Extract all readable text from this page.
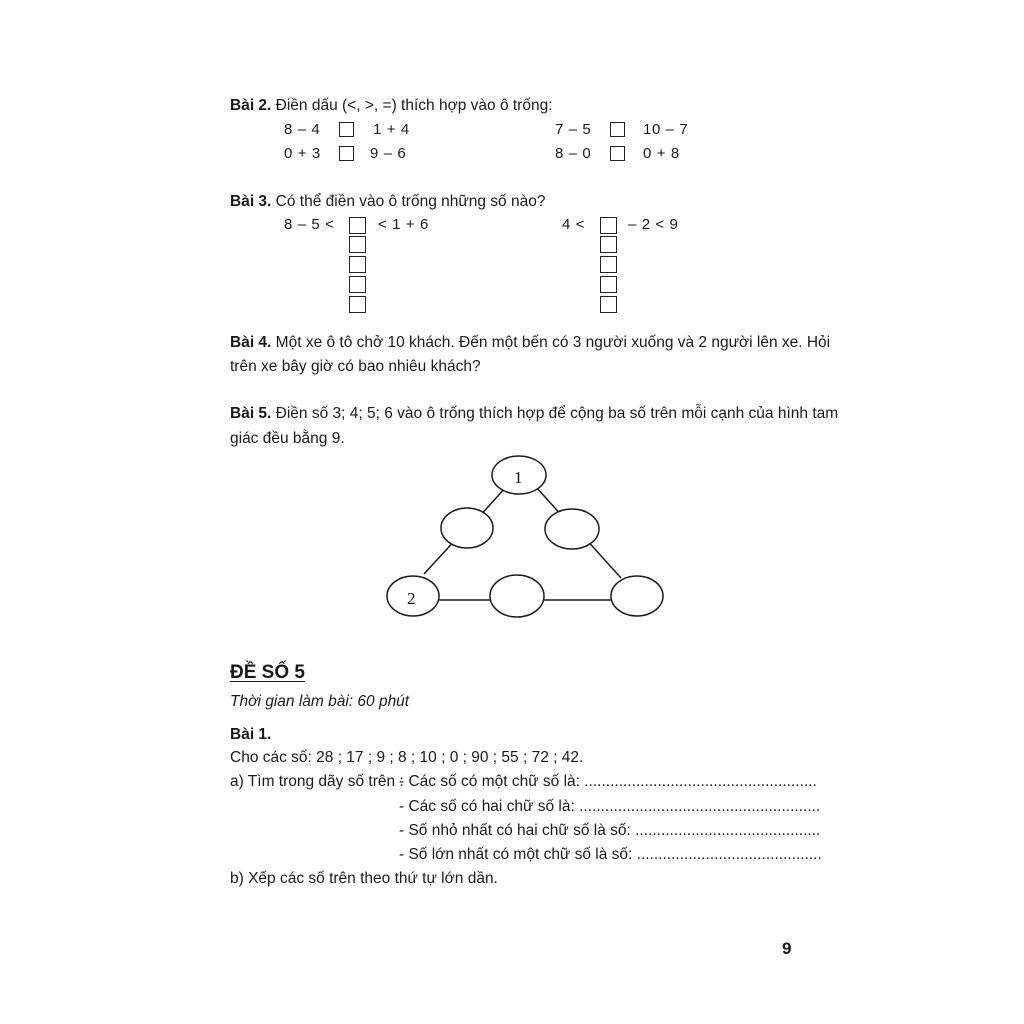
Bài 2. Điền dấu (<, >, =) thích hợp vào ô trống:
8 – 4	1 + 4
0 + 3	9 – 6
7 – 5	10 – 7
8 – 0	0 + 8
Bài 3. Có thể điền vào ô trống những số nào?
8 – 5 <	< 1 + 6	4 <	– 2 < 9
Bài 4. Một xe ô tô chở 10 khách. Đến một bến có 3 người xuống và 2 người lên xe. Hỏi
trên xe bây giờ có bao nhiêu khách?
Bài 5. Điền số 3; 4; 5; 6 vào ô trống thích hợp để cộng ba số trên mỗi cạnh của hình tam
giác đều bằng 9.
1
2
ĐỀ SỐ 5
Thời gian làm bài: 60 phút
Bài 1.
Cho các số: 28 ; 17 ; 9 ; 8 ; 10 ; 0 ; 90 ; 55 ; 72 ; 42.
a) Tìm trong dãy số trên :
- Các số có một chữ số là: ......................................................
- Các số có hai chữ số là: ........................................................
- Số nhỏ nhất có hai chữ số là số: ...........................................
- Số lớn nhất có một chữ số là số: ...........................................
b) Xếp các số trên theo thứ tự lớn dần.
9
